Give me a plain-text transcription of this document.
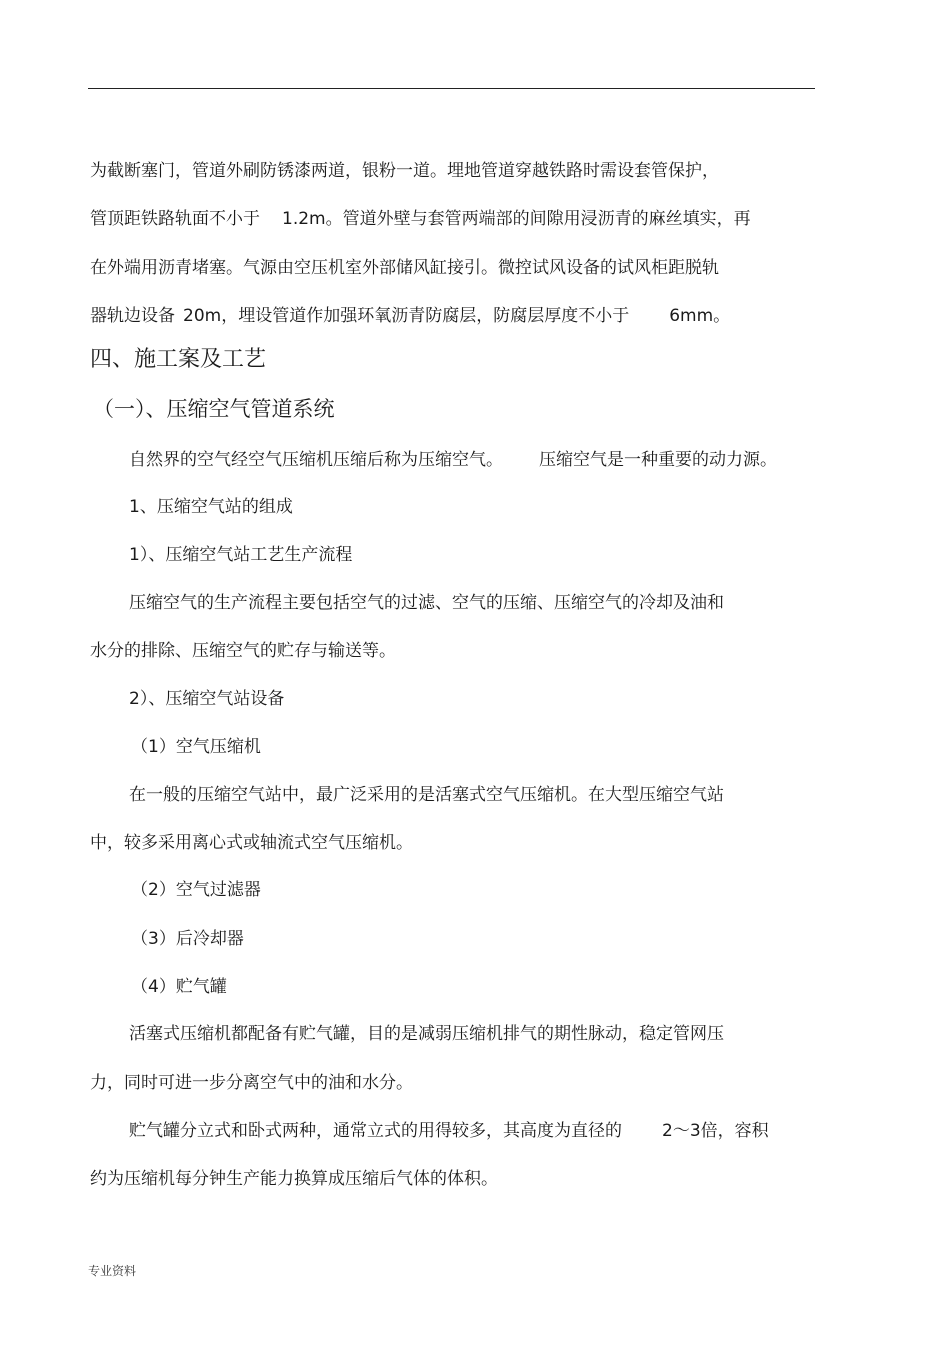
为截断塞门，管道外刷防锈漆两道，银粉一道。埋地管道穿越铁路时需设套管保护，
管顶距铁路轨面不小于 1.2m。管道外壁与套管两端部的间隙用浸沥青的麻丝填实，再
在外端用沥青堵塞。气源由空压机室外部储风缸接引。微控试风设备的试风柜距脱轨
器轨边设备 20m，埋设管道作加强环氧沥青防腐层，防腐层厚度不小于 6mm。
四、施工案及工艺
（一）、压缩空气管道系统
自然界的空气经空气压缩机压缩后称为压缩空气。 压缩空气是一种重要的动力源。
1、压缩空气站的组成
1）、压缩空气站工艺生产流程
压缩空气的生产流程主要包括空气的过滤、空气的压缩、压缩空气的冷却及油和
水分的排除、压缩空气的贮存与输送等。
2）、压缩空气站设备
（1）空气压缩机
在一般的压缩空气站中，最广泛采用的是活塞式空气压缩机。在大型压缩空气站
中，较多采用离心式或轴流式空气压缩机。
（2）空气过滤器
（3）后冷却器
（4）贮气罐
活塞式压缩机都配备有贮气罐，目的是减弱压缩机排气的期性脉动，稳定管网压
力，同时可进一步分离空气中的油和水分。
贮气罐分立式和卧式两种，通常立式的用得较多，其高度为直径的 2～3倍，容积
约为压缩机每分钟生产能力换算成压缩后气体的体积。
专业资料
